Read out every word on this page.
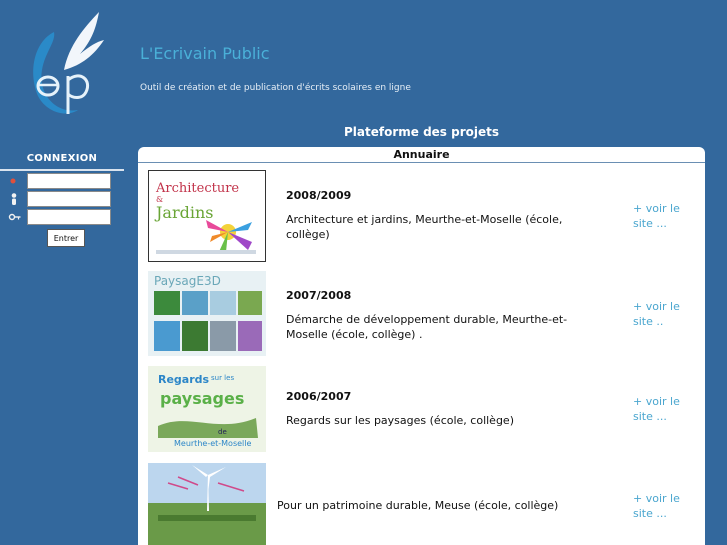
L'Ecrivain Public
Outil de création et de publication d'écrits scolaires en ligne
CONNEXION
Entrer
Plateforme des projets
Annuaire
Architecture
&
Jardins
2008/2009
Architecture et jardins, Meurthe-et-Moselle (école, collège)
+ voir le site ...
PaysagE3D
2007/2008
Démarche de développement durable, Meurthe-et-Moselle (école, collège) .
+ voir le site ..
Regards sur les
paysages
de
Meurthe-et-Moselle
2006/2007
Regards sur les paysages (école, collège)
+ voir le site ...
Pour un patrimoine durable, Meuse (école, collège)
+ voir le site ...
